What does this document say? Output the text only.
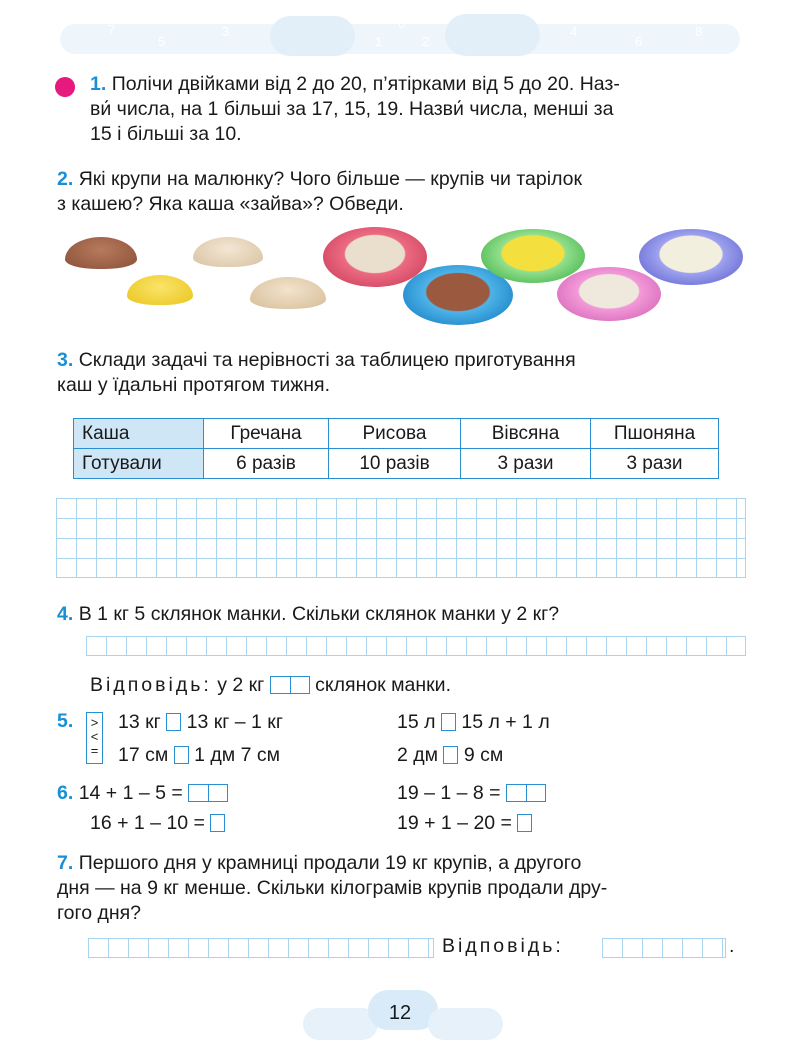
7
5
3
1
0
2
4
6
8
1. Полічи двійками від 2 до 20, п’ятірками від 5 до 20. Наз-
ви́ числа, на 1 більші за 17, 15, 19. Назви́ числа, менші за
15 і більші за 10.
2. Які крупи на малюнку? Чого більше — крупів чи тарілок
з кашею? Яка каша «зайва»? Обведи.
3. Склади задачі та нерівності за таблицею приготування
каш у їдальні протягом тижня.
Каша	Гречана	Рисова	Вівсяна	Пшоняна
Готували	6 разів	10 разів	3 рази	3 рази
4. В 1 кг 5 склянок манки. Скільки склянок манки у 2 кг?
Відповідь: у 2 кг	склянок манки.
5. >
<
=
13 кг 13 кг – 1 кг	15 л 15 л + 1 л
17 см 1 дм 7 см	2 дм 9 см
6. 14 + 1 – 5 =	19 – 1 – 8 =
16 + 1 – 10 =	19 + 1 – 20 =
7. Першого дня у крамниці продали 19 кг крупів, а другого
дня — на 9 кг менше. Скільки кілограмів крупів продали дру-
гого дня?
Відповідь:	.
12
